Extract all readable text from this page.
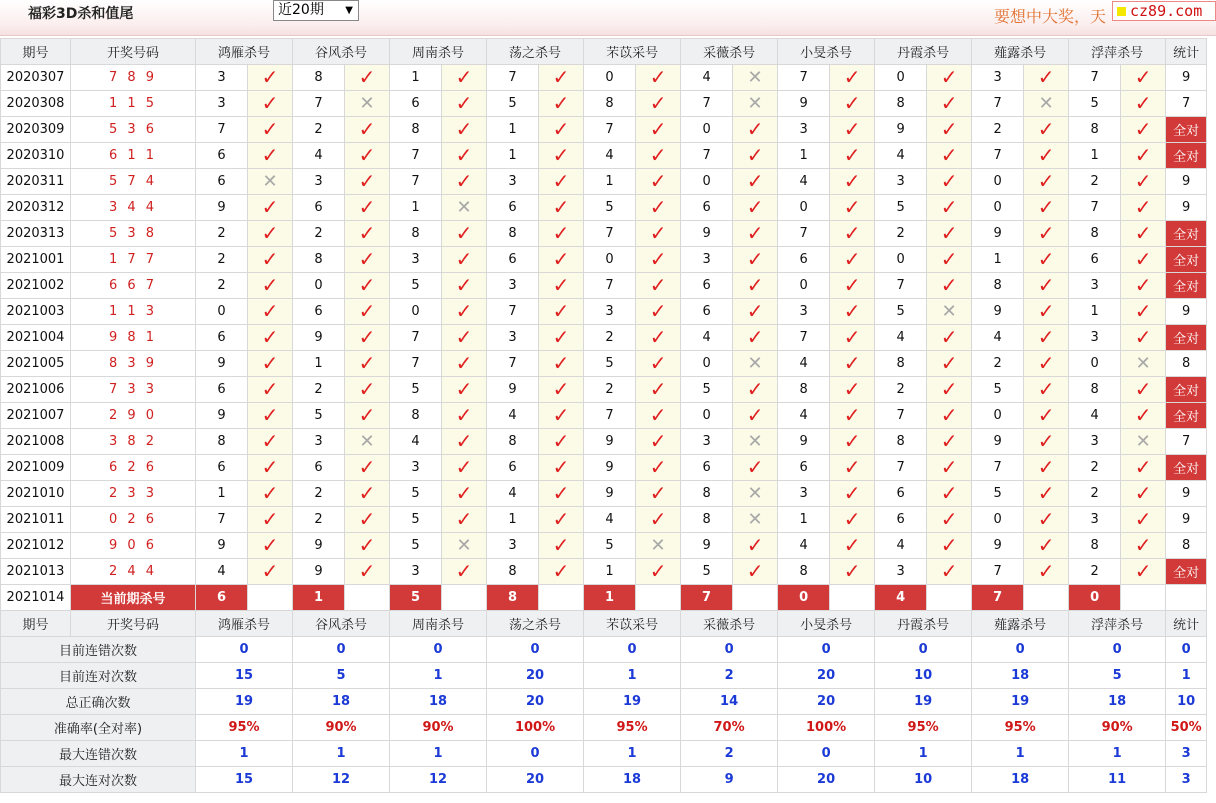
福彩3D杀和值尾	近20期 ▼	要想中大奖，天 cz89.com
期号	开奖号码	鸿雁杀号		谷风杀号		周南杀号		荡之杀号		芣苡采号		采薇杀号		小旻杀号		丹霞杀号		薤露杀号		浮萍杀号		统计
2020307	7 8 9	3	✓	8	✓	1	✓	7	✓	0	✓	4	✕	7	✓	0	✓	3	✓	7	✓	9
2020308	1 1 5	3	✓	7	✕	6	✓	5	✓	8	✓	7	✕	9	✓	8	✓	7	✕	5	✓	7
2020309	5 3 6	7	✓	2	✓	8	✓	1	✓	7	✓	0	✓	3	✓	9	✓	2	✓	8	✓	全对
2020310	6 1 1	6	✓	4	✓	7	✓	1	✓	4	✓	7	✓	1	✓	4	✓	7	✓	1	✓	全对
2020311	5 7 4	6	✕	3	✓	7	✓	3	✓	1	✓	0	✓	4	✓	3	✓	0	✓	2	✓	9
2020312	3 4 4	9	✓	6	✓	1	✕	6	✓	5	✓	6	✓	0	✓	5	✓	0	✓	7	✓	9
2020313	5 3 8	2	✓	2	✓	8	✓	8	✓	7	✓	9	✓	7	✓	2	✓	9	✓	8	✓	全对
2021001	1 7 7	2	✓	8	✓	3	✓	6	✓	0	✓	3	✓	6	✓	0	✓	1	✓	6	✓	全对
2021002	6 6 7	2	✓	0	✓	5	✓	3	✓	7	✓	6	✓	0	✓	7	✓	8	✓	3	✓	全对
2021003	1 1 3	0	✓	6	✓	0	✓	7	✓	3	✓	6	✓	3	✓	5	✕	9	✓	1	✓	9
2021004	9 8 1	6	✓	9	✓	7	✓	3	✓	2	✓	4	✓	7	✓	4	✓	4	✓	3	✓	全对
2021005	8 3 9	9	✓	1	✓	7	✓	7	✓	5	✓	0	✕	4	✓	8	✓	2	✓	0	✕	8
2021006	7 3 3	6	✓	2	✓	5	✓	9	✓	2	✓	5	✓	8	✓	2	✓	5	✓	8	✓	全对
2021007	2 9 0	9	✓	5	✓	8	✓	4	✓	7	✓	0	✓	4	✓	7	✓	0	✓	4	✓	全对
2021008	3 8 2	8	✓	3	✕	4	✓	8	✓	9	✓	3	✕	9	✓	8	✓	9	✓	3	✕	7
2021009	6 2 6	6	✓	6	✓	3	✓	6	✓	9	✓	6	✓	6	✓	7	✓	7	✓	2	✓	全对
2021010	2 3 3	1	✓	2	✓	5	✓	4	✓	9	✓	8	✕	3	✓	6	✓	5	✓	2	✓	9
2021011	0 2 6	7	✓	2	✓	5	✓	1	✓	4	✓	8	✕	1	✓	6	✓	0	✓	3	✓	9
2021012	9 0 6	9	✓	9	✓	5	✕	3	✓	5	✕	9	✓	4	✓	4	✓	9	✓	8	✓	8
2021013	2 4 4	4	✓	9	✓	3	✓	8	✓	1	✓	5	✓	8	✓	3	✓	7	✓	2	✓	全对
2021014	当前期杀号	6		1		5		8		1		7		0		4		7		0		
期号	开奖号码	鸿雁杀号		谷风杀号		周南杀号		荡之杀号		芣苡采号		采薇杀号		小旻杀号		丹霞杀号		薤露杀号		浮萍杀号		统计
目前连错次数		0		0		0		0		0		0		0		0		0		0		0
目前连对次数		15		5		1		20		1		2		20		10		18		5		1
总正确次数		19		18		18		20		19		14		20		19		19		18		10
准确率(全对率)		95%		90%		90%		100%		95%		70%		100%		95%		95%		90%		50%
最大连错次数		1		1		1		0		1		2		0		1		1		1		3
最大连对次数		15		12		12		20		18		9		20		10		18		11		3
